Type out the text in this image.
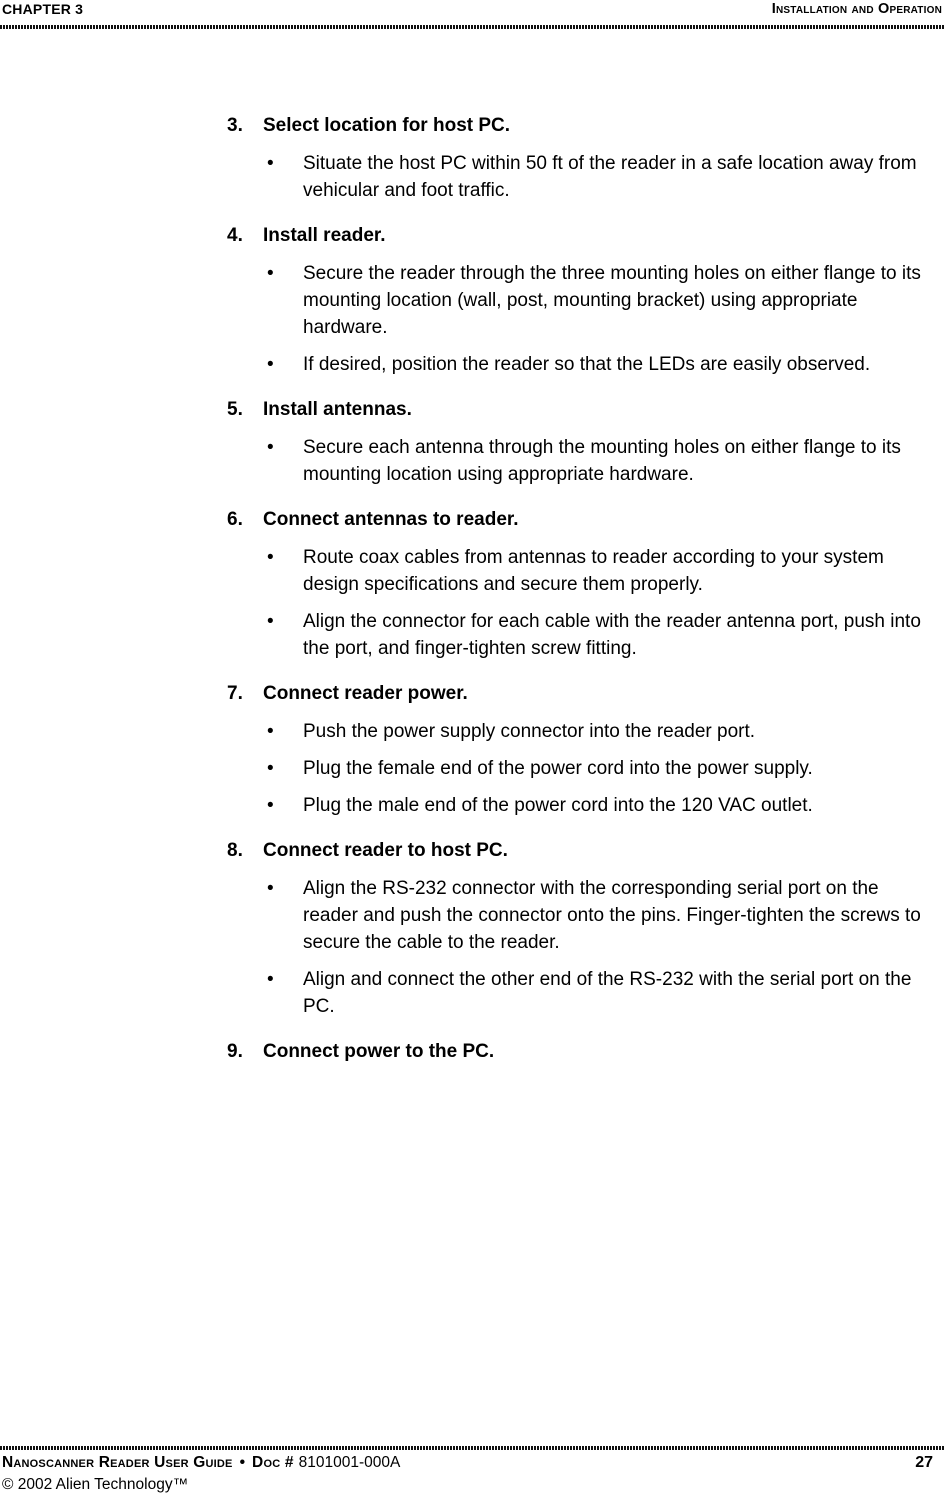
CHAPTER 3	Installation and Operation
3.	Select location for host PC.
•	Situate the host PC within 50 ft of the reader in a safe location away from vehicular and foot traffic.
4.	Install reader.
•	Secure the reader through the three mounting holes on either flange to its mounting location (wall, post, mounting bracket) using appropriate hardware.
•	If desired, position the reader so that the LEDs are easily observed.
5.	Install antennas.
•	Secure each antenna through the mounting holes on either flange to its mounting location using appropriate hardware.
6.	Connect antennas to reader.
•	Route coax cables from antennas to reader according to your system design specifications and secure them properly.
•	Align the connector for each cable with the reader antenna port, push into the port, and finger-tighten screw fitting.
7.	Connect reader power.
•	Push the power supply connector into the reader port.
•	Plug the female end of the power cord into the power supply.
•	Plug the male end of the power cord into the 120 VAC outlet.
8.	Connect reader to host PC.
•	Align the RS-232 connector with the corresponding serial port on the reader and push the connector onto the pins. Finger-tighten the screws to secure the cable to the reader.
•	Align and connect the other end of the RS-232 with the serial port on the PC.
9.	Connect power to the PC.
Nanoscanner Reader User Guide • Doc # 8101001-000A
© 2002 Alien Technology™
27
